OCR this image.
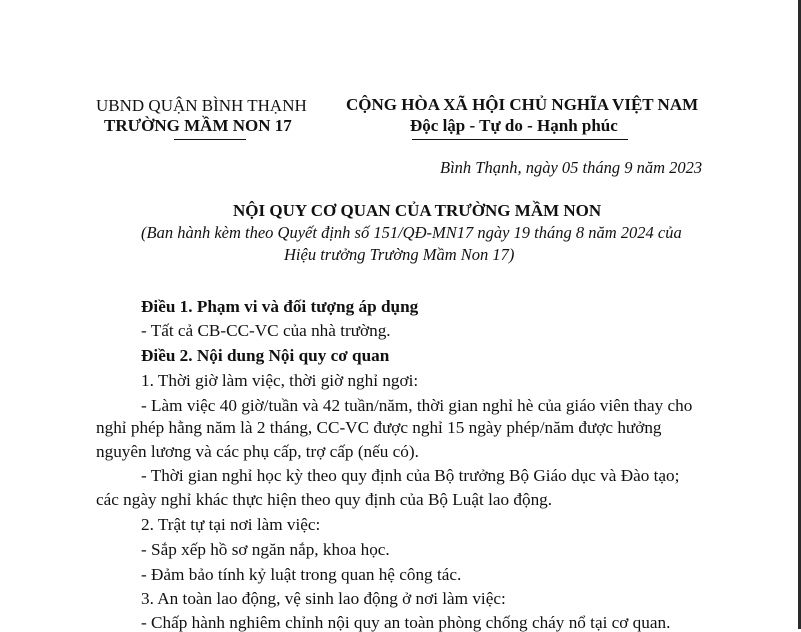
UBND QUẬN BÌNH THẠNH
TRƯỜNG MẦM NON 17
CỘNG HÒA XÃ HỘI CHỦ NGHĨA VIỆT NAM
Độc lập - Tự do - Hạnh phúc
Bình Thạnh, ngày 05 tháng 9 năm 2023
NỘI QUY CƠ QUAN CỦA TRƯỜNG MẦM NON
(Ban hành kèm theo Quyết định số 151/QĐ-MN17 ngày 19 tháng 8 năm 2024 của
Hiệu trưởng Trường Mầm Non 17)
Điều 1. Phạm vi và đối tượng áp dụng
- Tất cả CB-CC-VC của nhà trường.
Điều 2. Nội dung Nội quy cơ quan
1. Thời giờ làm việc, thời giờ nghỉ ngơi:
- Làm việc 40 giờ/tuần và 42 tuần/năm, thời gian nghỉ hè của giáo viên thay cho
nghỉ phép hằng năm là 2 tháng, CC-VC được nghỉ 15 ngày phép/năm được hưởng
nguyên lương và các phụ cấp, trợ cấp (nếu có).
- Thời gian nghỉ học kỳ theo quy định của Bộ trưởng Bộ Giáo dục và Đào tạo;
các ngày nghỉ khác thực hiện theo quy định của Bộ Luật lao động.
2. Trật tự tại nơi làm việc:
- Sắp xếp hồ sơ ngăn nắp, khoa học.
- Đảm bảo tính kỷ luật trong quan hệ công tác.
3. An toàn lao động, vệ sinh lao động ở nơi làm việc:
- Chấp hành nghiêm chỉnh nội quy an toàn phòng chống cháy nổ tại cơ quan.
